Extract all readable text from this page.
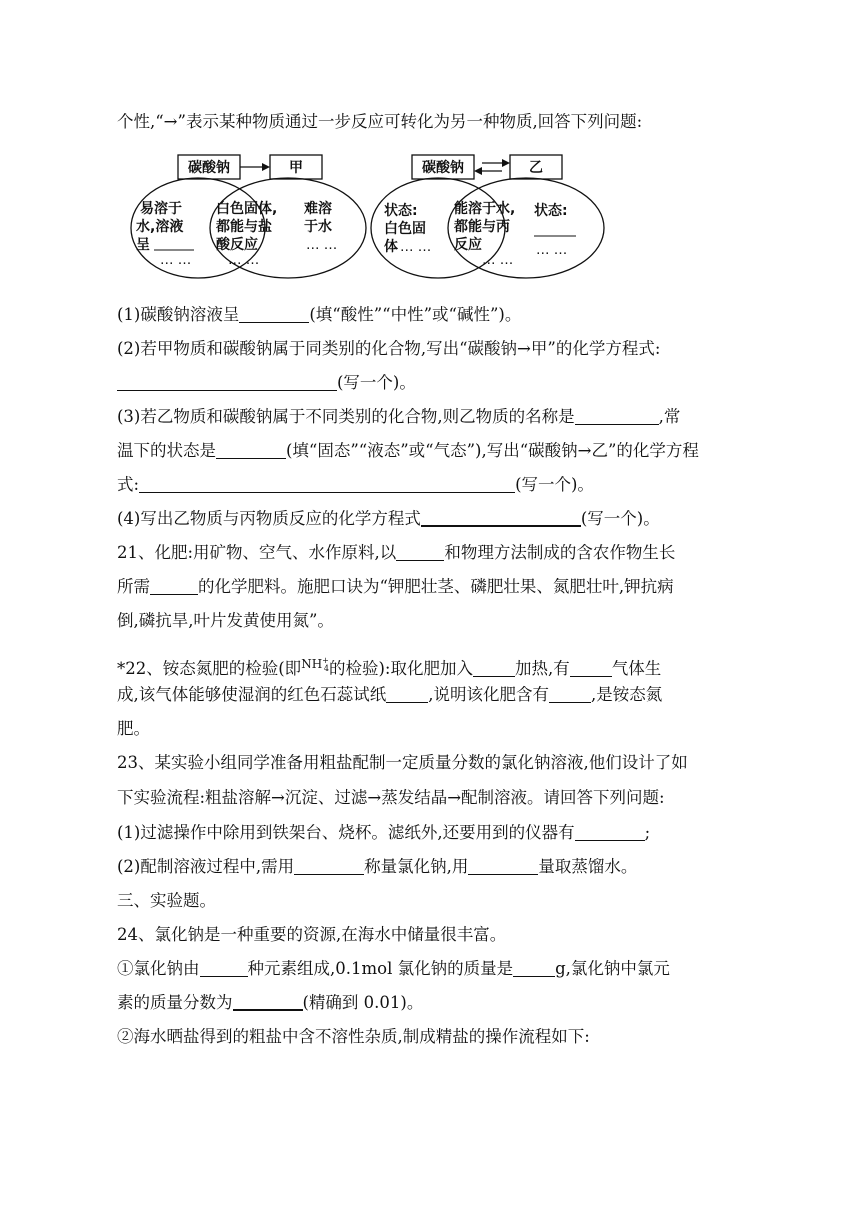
个性,“→”表示某种物质通过一步反应可转化为另一种物质,回答下列问题:
碳酸钠	甲
易溶于
水,溶液
呈
… …
白色固体,
都能与盐
酸反应
… …
难溶
于水
… …
碳酸钠	乙
状态:
白色固
体 … …
能溶于水,
都能与丙
反应
… …
状态:
… …
(1)碳酸钠溶液呈	(填“酸性”“中性”或“碱性”)。
(2)若甲物质和碳酸钠属于同类别的化合物,写出“碳酸钠→甲”的化学方程式:
(写一个)。
(3)若乙物质和碳酸钠属于不同类别的化合物,则乙物质的名称是	,常
温下的状态是	(填“固态”“液态”或“气态”),写出“碳酸钠→乙”的化学方程
式:	(写一个)。
(4)写出乙物质与丙物质反应的化学方程式	(写一个)。
21、化肥:用矿物、空气、水作原料,以	和物理方法制成的含农作物生长
所需	的化学肥料。施肥口诀为“钾肥壮茎、磷肥壮果、氮肥壮叶,钾抗病
倒,磷抗旱,叶片发黄使用氮”。
*22、铵态氮肥的检验(即$^{NH^+_4}$的检验):取化肥加入	加热,有	气体生
成,该气体能够使湿润的红色石蕊试纸	,说明该化肥含有	,是铵态氮
肥。
23、某实验小组同学准备用粗盐配制一定质量分数的氯化钠溶液,他们设计了如
下实验流程:粗盐溶解→沉淀、过滤→蒸发结晶→配制溶液。请回答下列问题:
(1)过滤操作中除用到铁架台、烧杯。滤纸外,还要用到的仪器有	;
(2)配制溶液过程中,需用	称量氯化钠,用	量取蒸馏水。
三、实验题。
24、氯化钠是一种重要的资源,在海水中储量很丰富。
①氯化钠由	种元素组成,0.1mol 氯化钠的质量是	g,氯化钠中氯元
素的质量分数为	(精确到 0.01)。
②海水晒盐得到的粗盐中含不溶性杂质,制成精盐的操作流程如下:
